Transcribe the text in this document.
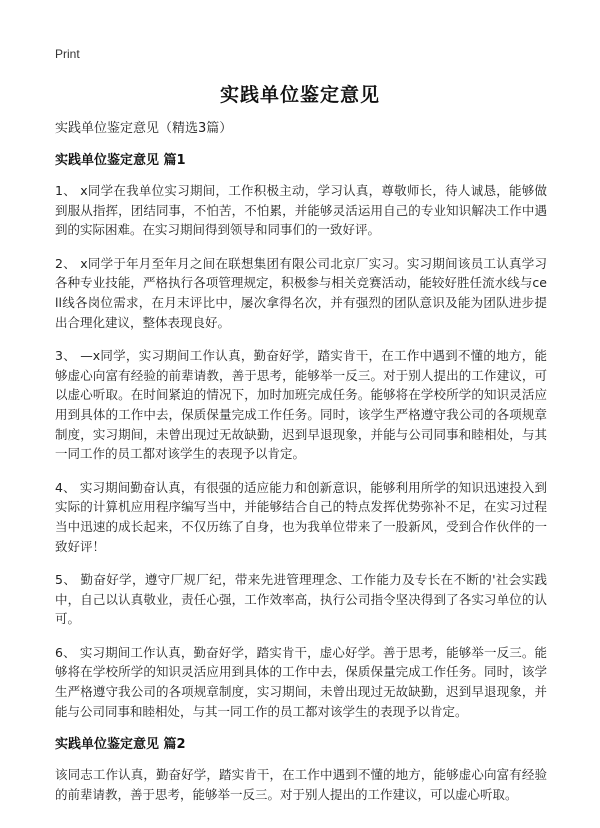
Print
实践单位鉴定意见
实践单位鉴定意见（精选3篇）
实践单位鉴定意见 篇1

1、 x同学在我单位实习期间，工作积极主动，学习认真，尊敬师长，待人诚恳，能够做到服从指挥，团结同事，不怕苦，不怕累，并能够灵活运用自己的专业知识解决工作中遇到的实际困难。在实习期间得到领导和同事们的一致好评。

2、 x同学于年月至年月之间在联想集团有限公司北京厂实习。实习期间该员工认真学习各种专业技能，严格执行各项管理规定，积极参与相关竞赛活动，能较好胜任流水线与cell线各岗位需求，在月末评比中，屡次拿得名次，并有强烈的团队意识及能为团队进步提出合理化建议，整体表现良好。

3、 —x同学，实习期间工作认真，勤奋好学，踏实肯干，在工作中遇到不懂的地方，能够虚心向富有经验的前辈请教，善于思考，能够举一反三。对于别人提出的工作建议，可以虚心听取。在时间紧迫的情况下，加时加班完成任务。能够将在学校所学的知识灵活应用到具体的工作中去，保质保量完成工作任务。同时，该学生严格遵守我公司的各项规章制度，实习期间，未曾出现过无故缺勤，迟到早退现象，并能与公司同事和睦相处，与其一同工作的员工都对该学生的表现予以肯定。

4、 实习期间勤奋认真，有很强的适应能力和创新意识，能够利用所学的知识迅速投入到实际的计算机应用程序编写当中，并能够结合自己的特点发挥优势弥补不足，在实习过程当中迅速的成长起来，不仅历练了自身，也为我单位带来了一股新风，受到合作伙伴的一致好评！

5、 勤奋好学，遵守厂规厂纪，带来先进管理理念、工作能力及专长在不断的'社会实践中，自己以认真敬业，责任心强，工作效率高，执行公司指令坚决得到了各实习单位的认可。

6、 实习期间工作认真，勤奋好学，踏实肯干，虚心好学。善于思考，能够举一反三。能够将在学校所学的知识灵活应用到具体的工作中去，保质保量完成工作任务。同时，该学生严格遵守我公司的各项规章制度，实习期间，未曾出现过无故缺勤，迟到早退现象，并能与公司同事和睦相处，与其一同工作的员工都对该学生的表现予以肯定。

实践单位鉴定意见 篇2

该同志工作认真，勤奋好学，踏实肯干，在工作中遇到不懂的地方，能够虚心向富有经验的前辈请教，善于思考，能够举一反三。对于别人提出的工作建议，可以虚心听取。
